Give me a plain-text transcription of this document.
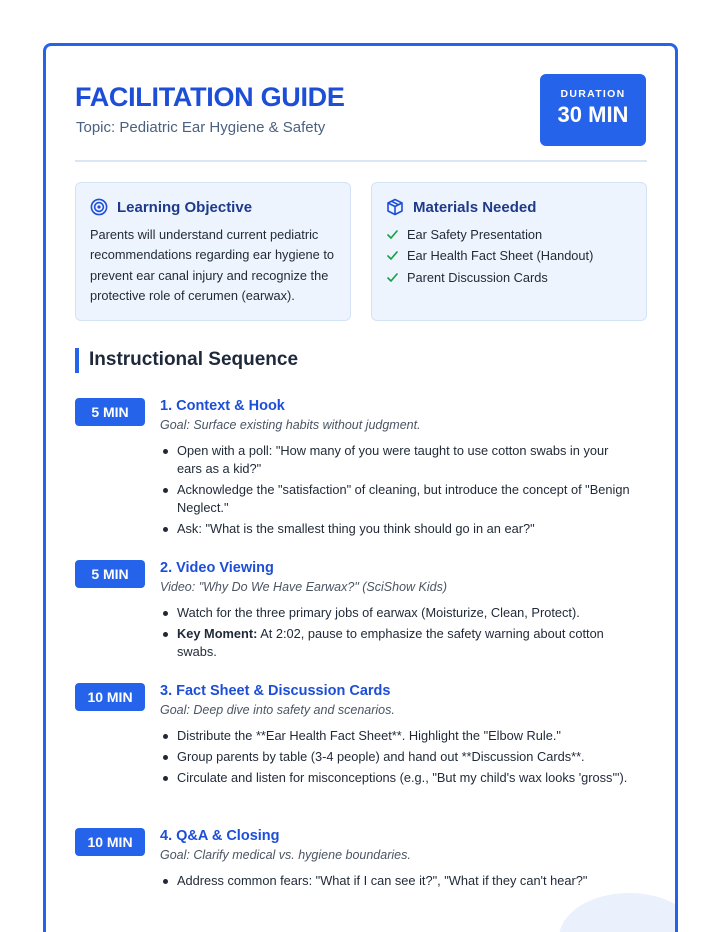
FACILITATION GUIDE
Topic: Pediatric Ear Hygiene & Safety
DURATION
30 MIN
Learning Objective
Parents will understand current pediatric recommendations regarding ear hygiene to prevent ear canal injury and recognize the protective role of cerumen (earwax).
Materials Needed
Ear Safety Presentation
Ear Health Fact Sheet (Handout)
Parent Discussion Cards
Instructional Sequence
5 MIN	1. Context & Hook
Goal: Surface existing habits without judgment.
Open with a poll: "How many of you were taught to use cotton swabs in your ears as a kid?"
Acknowledge the "satisfaction" of cleaning, but introduce the concept of "Benign Neglect."
Ask: "What is the smallest thing you think should go in an ear?"
5 MIN	2. Video Viewing
Video: "Why Do We Have Earwax?" (SciShow Kids)
Watch for the three primary jobs of earwax (Moisturize, Clean, Protect).
Key Moment: At 2:02, pause to emphasize the safety warning about cotton swabs.
10 MIN	3. Fact Sheet & Discussion Cards
Goal: Deep dive into safety and scenarios.
Distribute the **Ear Health Fact Sheet**. Highlight the "Elbow Rule."
Group parents by table (3-4 people) and hand out **Discussion Cards**.
Circulate and listen for misconceptions (e.g., "But my child's wax looks 'gross'").
10 MIN	4. Q&A & Closing
Goal: Clarify medical vs. hygiene boundaries.
Address common fears: "What if I can see it?", "What if they can't hear?"
